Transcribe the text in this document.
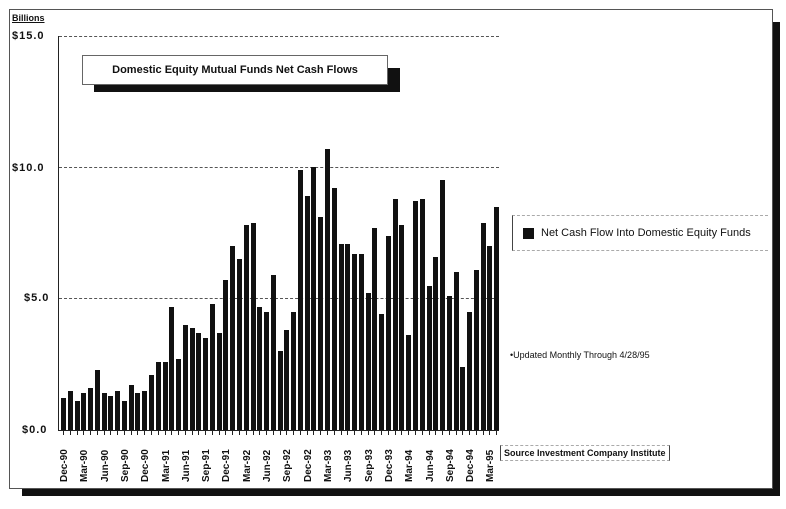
Billions
$15.0
$10.0
$5.0
$0.0
Dec-90 Mar-90 Jun-90 Sep-90 Dec-90 Mar-91 Jun-91 Sep-91 Dec-91 Mar-92 Jun-92 Sep-92 Dec-92 Mar-93 Jun-93 Sep-93 Dec-93 Mar-94 Jun-94 Sep-94 Dec-94 Mar-95
Domestic Equity Mutual Funds Net Cash Flows
Net Cash Flow Into Domestic Equity Funds
•Updated Monthly Through 4/28/95
Source Investment Company Institute
